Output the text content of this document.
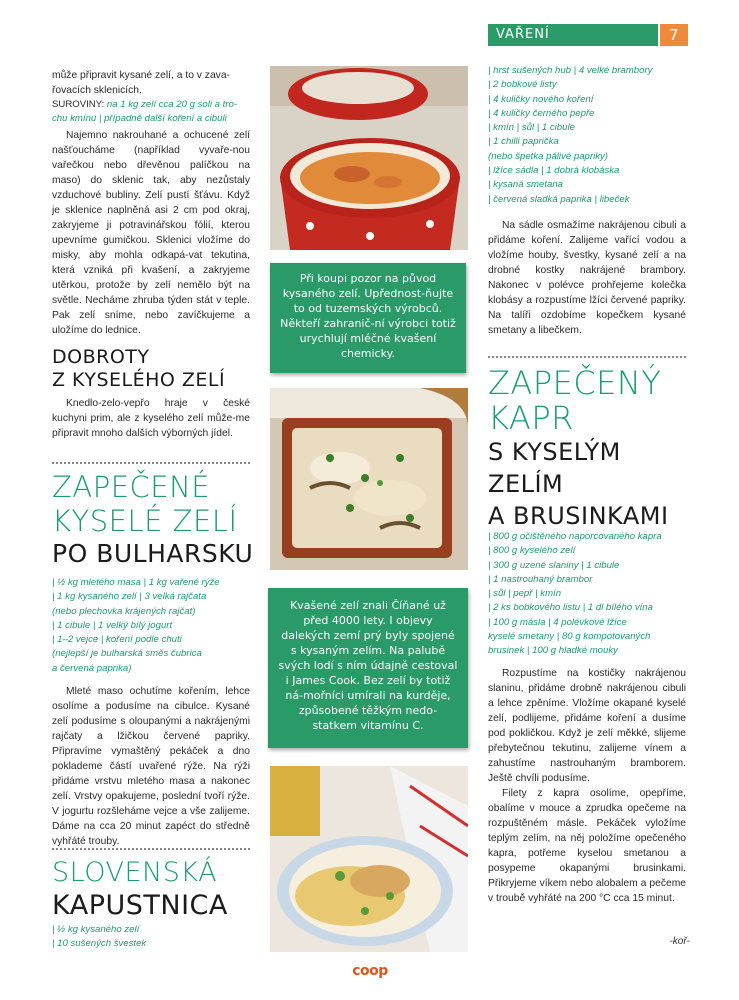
VAŘENÍ	7

může připravit kysané zelí, a to v zava-

řovacích sklenicích.

SUROVINY: na 1 kg zelí cca 20 g soli a tro-
chu kmínu | případně další koření a cibuli

Najemno nakrouhané a ochucené zelí našťoucháme (například vyvaře-nou vařečkou nebo dřevěnou palíčkou na maso) do sklenic tak, aby nezůstaly vzduchové bubliny. Zelí pustí šťávu. Když je sklenice naplněná asi 2 cm pod okraj, zakryjeme ji potravinářskou fólií, kterou upevníme gumičkou. Sklenici vložíme do misky, aby mohla odkapá-vat tekutina, která vzniká při kvašení, a zakryjeme utěrkou, protože by zelí nemělo být na světle. Necháme zhruba týden stát v teple. Pak zelí sníme, nebo zavíčkujeme a uložíme do lednice.

DOBROTY
Z KYSELÉHO ZELÍ

Knedlo-zelo-vepřo hraje v české kuchyni prim, ale z kyselého zelí může-me připravit mnoho dalších výborných jídel.

ZAPEČENÉ
KYSELÉ ZELÍ
PO BULHARSKU
| ½ kg mletého masa | 1 kg vařené rýže
| 1 kg kysaného zelí | 3 velká rajčata
(nebo plechovka krájených rajčat)
| 1 cibule | 1 velký bílý jogurt
| 1–2 vejce | koření podle chuti
(nejlepší je bulharská směs čubrica
a červená paprika)

Mleté maso ochutíme kořením, lehce osolíme a podusíme na cibulce. Kysané zelí podusíme s oloupanými a nakrájenými rajčaty a lžičkou červené papriky. Připravíme vymaštěný pekáček a dno poklademe částí uvařené rýže. Na rýži přidáme vrstvu mletého masa a nakonec zelí. Vrstvy opakujeme, poslední tvoří rýže. V jogurtu rozšleháme vejce a vše zalijeme. Dáme na cca 20 minut zapéct do středně vyhřáté trouby.

SLOVENSKÁ
KAPUSTNICA
| ½ kg kysaného zelí
| 10 sušených švestek
Při koupi pozor na původ kysaného zelí. Upřednost-ňujte to od tuzemských výrobců. Někteří zahranič-ní výrobci totiž urychlují mléčné kvašení chemicky.
Kvašené zelí znali Číňané už před 4000 lety. I objevy dalekých zemí prý byly spojené s kysaným zelím. Na palubě svých lodí s ním údajně cestoval i James Cook. Bez zelí by totiž ná-mořníci umírali na kurděje, způsobené těžkým nedo-statkem vitamínu C.
| hrst sušených hub | 4 velké brambory
| 2 bobkové listy
| 4 kuličky nového koření
| 4 kuličky černého pepře
| kmín | sůl | 1 cibule
| 1 chilli paprička
(nebo špetka pálivé papriky)
| lžíce sádla | 1 dobrá klobáska
| kysaná smetana
| červená sladká paprika | libeček

Na sádle osmažíme nakrájenou cibuli a přidáme koření. Zalijeme vařící vodou a vložíme houby, švestky, kysané zelí a na drobné kostky nakrájené brambory. Nakonec v polévce prohřejeme kolečka klobásy a rozpustíme lžíci červené papriky. Na talíři ozdobíme kopečkem kysané smetany a libečkem.

ZAPEČENÝ
KAPR
S KYSELÝM
ZELÍM
A BRUSINKAMI
| 800 g očištěného naporcovaného kapra
| 800 g kyselého zelí
| 300 g uzené slaniny | 1 cibule
| 1 nastrouhaný brambor
| sůl | pepř | kmín
| 2 ks bobkového listu | 1 dl bílého vína
| 100 g másla | 4 polévkové lžíce
kyselé smetany | 80 g kompotovaných
brusinek | 100 g hladké mouky

Rozpustíme na kostičky nakrájenou slaninu, přidáme drobně nakrájenou cibuli a lehce zpěníme. Vložíme okapané kyselé zelí, podlijeme, přidáme koření a dusíme pod pokličkou. Když je zelí měkké, slijeme přebytečnou tekutinu, zalijeme vínem a zahustíme nastrouhaným bramborem. Ještě chvíli podusíme.

Filety z kapra osolíme, opepříme, obalíme v mouce a zprudka opečeme na rozpuštěném másle. Pekáček vyložíme teplým zelím, na něj položíme opečeného kapra, potřeme kyselou smetanou a posypeme okapanými brusinkami. Přikryjeme víkem nebo alobalem a pečeme v troubě vyhřáté na 200 °C cca 15 minut.

-koř-
coop
